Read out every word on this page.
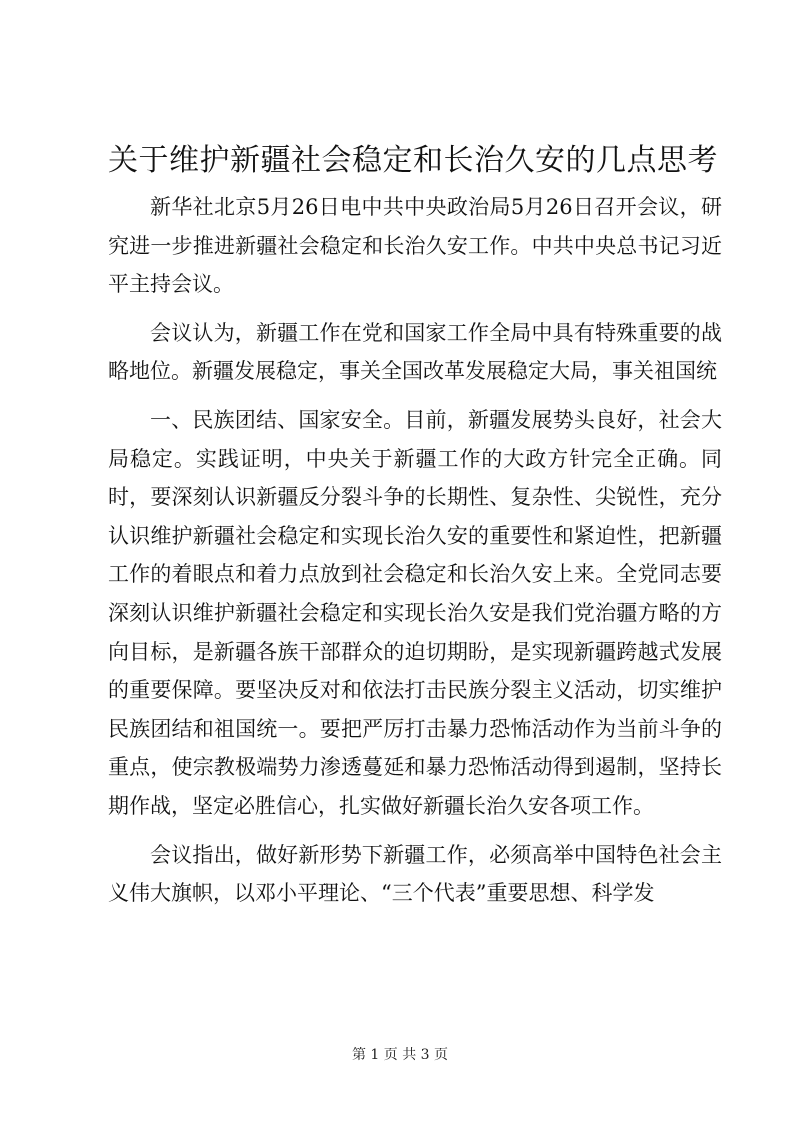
关于维护新疆社会稳定和长治久安的几点思考

新华社北京5月26日电中共中央政治局5月26日召开会议，研究进一步推进新疆社会稳定和长治久安工作。中共中央总书记习近平主持会议。

会议认为，新疆工作在党和国家工作全局中具有特殊重要的战略地位。新疆发展稳定，事关全国改革发展稳定大局，事关祖国统

一、民族团结、国家安全。目前，新疆发展势头良好，社会大局稳定。实践证明，中央关于新疆工作的大政方针完全正确。同时，要深刻认识新疆反分裂斗争的长期性、复杂性、尖锐性，充分认识维护新疆社会稳定和实现长治久安的重要性和紧迫性，把新疆工作的着眼点和着力点放到社会稳定和长治久安上来。全党同志要深刻认识维护新疆社会稳定和实现长治久安是我们党治疆方略的方向目标，是新疆各族干部群众的迫切期盼，是实现新疆跨越式发展的重要保障。要坚决反对和依法打击民族分裂主义活动，切实维护民族团结和祖国统一。要把严厉打击暴力恐怖活动作为当前斗争的重点，使宗教极端势力渗透蔓延和暴力恐怖活动得到遏制，坚持长期作战，坚定必胜信心，扎实做好新疆长治久安各项工作。

会议指出，做好新形势下新疆工作，必须高举中国特色社会主义伟大旗帜，以邓小平理论、“三个代表”重要思想、科学发

第 1 页 共 3 页
